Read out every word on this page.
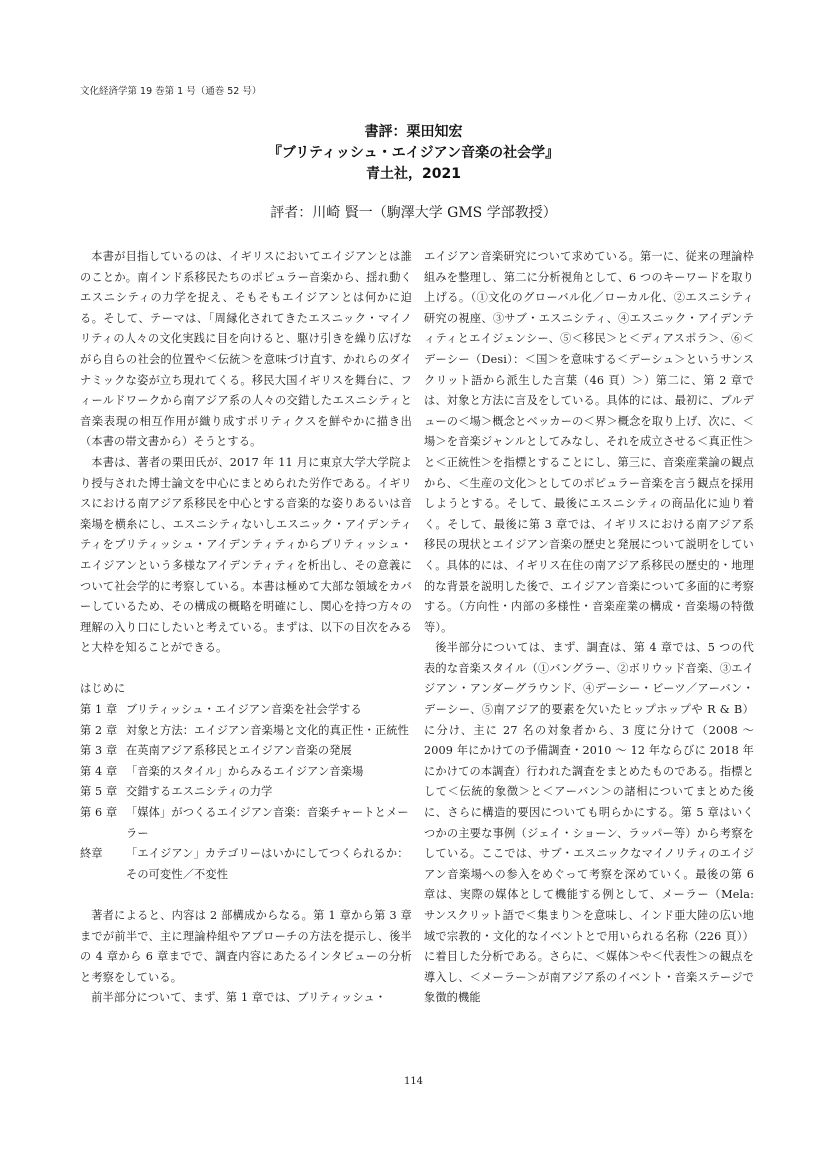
文化経済学第 19 巻第 1 号（通巻 52 号）
書評：栗田知宏
『ブリティッシュ・エイジアン音楽の社会学』
青土社，2021
評者：川崎 賢一（駒澤大学 GMS 学部教授）

本書が目指しているのは、イギリスにおいてエイジアンとは誰のことか。南インド系移民たちのポピュラー音楽から、揺れ動くエスニシティの力学を捉え、そもそもエイジアンとは何かに迫る。そして、テーマは、「周縁化されてきたエスニック・マイノリティの人々の文化実践に目を向けると、駆け引きを繰り広げながら自らの社会的位置や＜伝統＞を意味づけ直す、かれらのダイナミックな姿が立ち現れてくる。移民大国イギリスを舞台に、フィールドワークから南アジア系の人々の交錯したエスニシティと音楽表現の相互作用が織り成すポリティクスを鮮やかに描き出（本書の帯文書から）そうとする。

本書は、著者の栗田氏が、2017 年 11 月に東京大学大学院より授与された博士論文を中心にまとめられた労作である。イギリスにおける南アジア系移民を中心とする音楽的な姿りあるいは音楽場を横糸にし、エスニシティないしエスニック・アイデンティティをブリティッシュ・アイデンティティからブリティッシュ・エイジアンという多様なアイデンティティを析出し、その意義について社会学的に考察している。本書は極めて大部な領域をカバーしているため、その構成の概略を明確にし、関心を持つ方々の理解の入り口にしたいと考えている。まずは、以下の目次をみると大枠を知ることができる。

はじめに

第 1 章 ブリティッシュ・エイジアン音楽を社会学する
第 2 章 対象と方法：エイジアン音楽場と文化的真正性・正統性
第 3 章 在英南アジア系移民とエイジアン音楽の発展
第 4 章 「音楽的スタイル」からみるエイジアン音楽場
第 5 章 交錯するエスニシティの力学
第 6 章 「媒体」がつくるエイジアン音楽：音楽チャートとメーラー
終章	「エイジアン」カテゴリーはいかにしてつくられるか：その可変性／不変性

著者によると、内容は 2 部構成からなる。第 1 章から第 3 章までが前半で、主に理論枠組やアプローチの方法を提示し、後半の 4 章から 6 章までで、調査内容にあたるインタビューの分析と考察をしている。

前半部分について、まず、第 1 章では、ブリティッシュ・

エイジアン音楽研究について求めている。第一に、従来の理論枠組みを整理し、第二に分析視角として、6 つのキーワードを取り上げる。（①文化のグローバル化／ローカル化、②エスニシティ研究の視座、③サブ・エスニシティ、④エスニック・アイデンティティとエイジェンシー、⑤＜移民＞と＜ディアスポラ＞、⑥＜デーシー（Desi）：＜国＞を意味する＜デーシュ＞というサンスクリット語から派生した言葉（46 頁）＞）第二に、第 2 章では、対象と方法に言及をしている。具体的には、最初に、ブルデューの＜場＞概念とベッカーの＜界＞概念を取り上げ、次に、＜場＞を音楽ジャンルとしてみなし、それを成立させる＜真正性＞と＜正統性＞を指標とすることにし、第三に、音楽産業論の観点から、＜生産の文化＞としてのポピュラー音楽を言う観点を採用しようとする。そして、最後にエスニシティの商品化に辿り着く。そして、最後に第 3 章では、イギリスにおける南アジア系移民の現状とエイジアン音楽の歴史と発展について説明をしていく。具体的には、イギリス在住の南アジア系移民の歴史的・地理的な背景を説明した後で、エイジアン音楽について多面的に考察する。（方向性・内部の多様性・音楽産業の構成・音楽場の特徴等）。

後半部分については、まず、調査は、第 4 章では、5 つの代表的な音楽スタイル（①バングラー、②ボリウッド音楽、③エイジアン・アンダーグラウンド、④デーシー・ビーツ／アーバン・デーシー、⑤南アジア的要素を欠いたヒップホップや R & B）に分け、主に 27 名の対象者から、3 度に分けて（2008 ～ 2009 年にかけての予備調査・2010 ～ 12 年ならびに 2018 年にかけての本調査）行われた調査をまとめたものである。指標として＜伝統的象徴＞と＜アーバン＞の諸相についてまとめた後に、さらに構造的要因についても明らかにする。第 5 章はいくつかの主要な事例（ジェイ・ショーン、ラッパー等）から考察をしている。ここでは、サブ・エスニックなマイノリティのエイジアン音楽場への参入をめぐって考察を深めていく。最後の第 6 章は、実際の媒体として機能する例として、メーラー（Mela: サンスクリット語で＜集まり＞を意味し、インド亜大陸の広い地域で宗教的・文化的なイベントとで用いられる名称（226 頁））に着目した分析である。さらに、＜媒体＞や＜代表性＞の観点を導入し、＜メーラー＞が南アジア系のイベント・音楽ステージで象徴的機能

114
